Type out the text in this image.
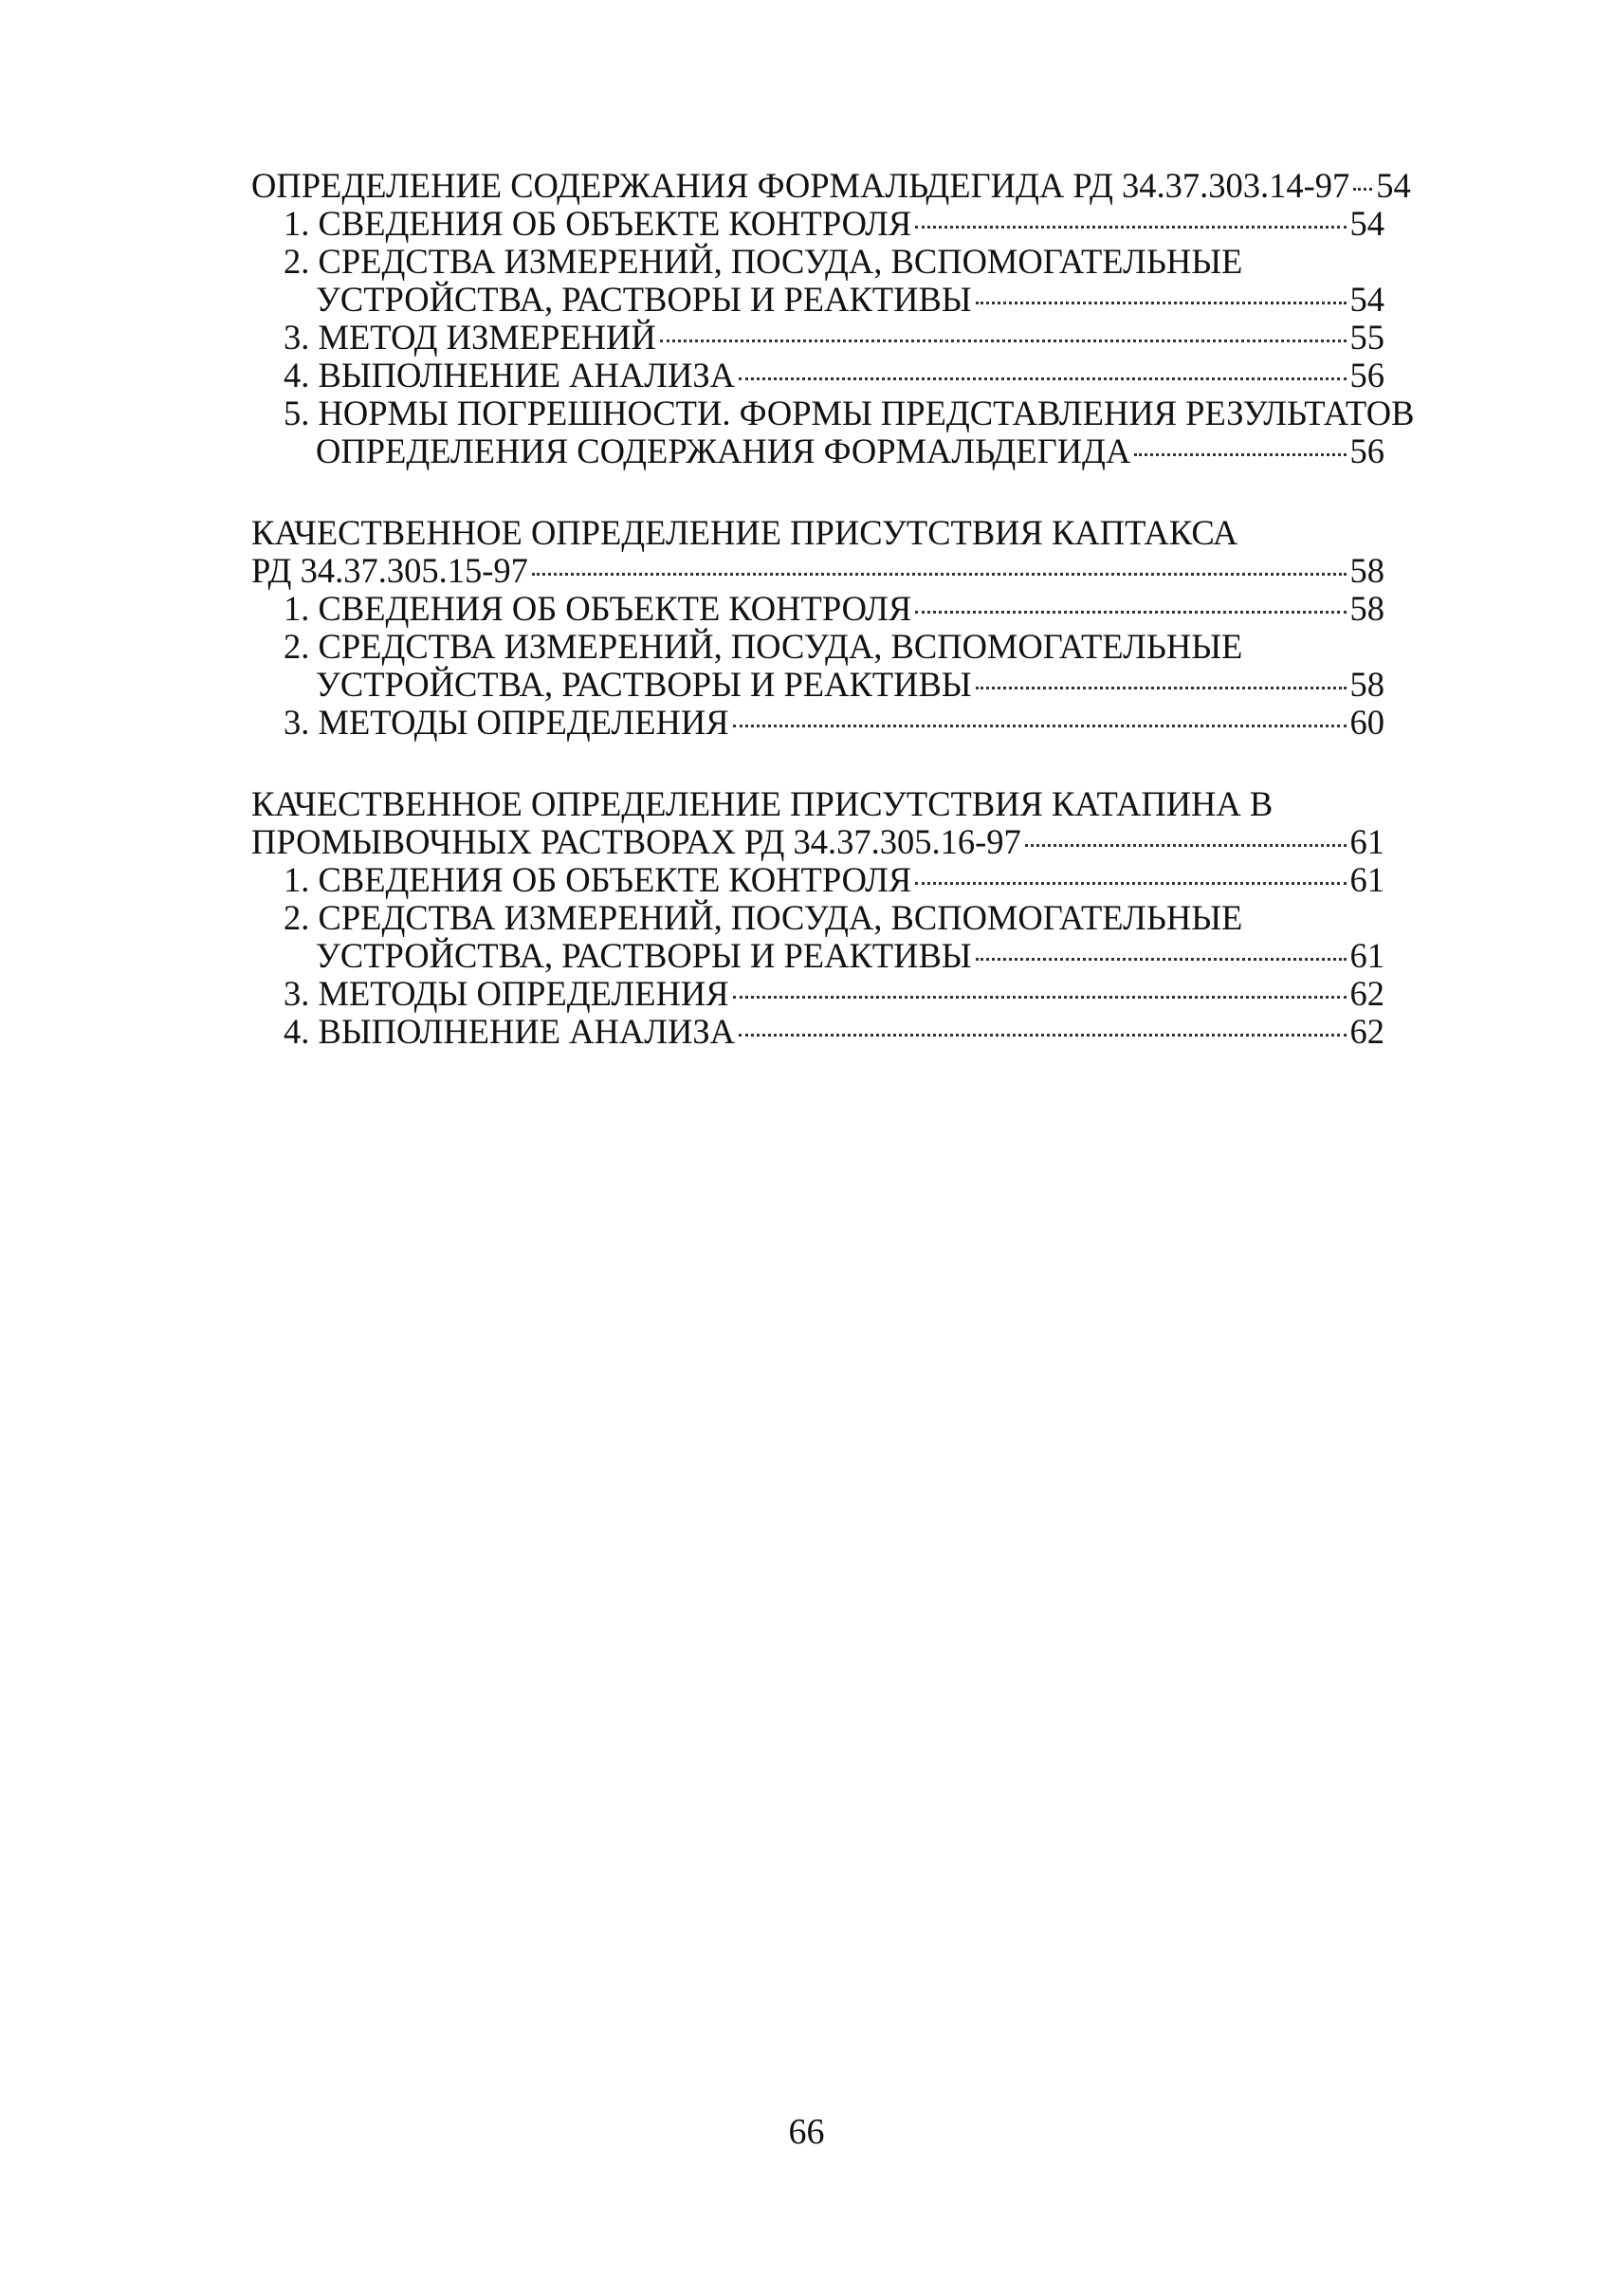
ОПРЕДЕЛЕНИЕ СОДЕРЖАНИЯ ФОРМАЛЬДЕГИДА РД 34.37.303.14-97 54
1. СВЕДЕНИЯ ОБ ОБЪЕКТЕ КОНТРОЛЯ	54
2. СРЕДСТВА ИЗМЕРЕНИЙ, ПОСУДА, ВСПОМОГАТЕЛЬНЫЕ
УСТРОЙСТВА, РАСТВОРЫ И РЕАКТИВЫ	54
3. МЕТОД ИЗМЕРЕНИЙ	55
4. ВЫПОЛНЕНИЕ АНАЛИЗА	56
5. НОРМЫ ПОГРЕШНОСТИ. ФОРМЫ ПРЕДСТАВЛЕНИЯ РЕЗУЛЬТАТОВ
ОПРЕДЕЛЕНИЯ СОДЕРЖАНИЯ ФОРМАЛЬДЕГИДА	56
КАЧЕСТВЕННОЕ ОПРЕДЕЛЕНИЕ ПРИСУТСТВИЯ КАПТАКСА
РД 34.37.305.15-97	58
1. СВЕДЕНИЯ ОБ ОБЪЕКТЕ КОНТРОЛЯ	58
2. СРЕДСТВА ИЗМЕРЕНИЙ, ПОСУДА, ВСПОМОГАТЕЛЬНЫЕ
УСТРОЙСТВА, РАСТВОРЫ И РЕАКТИВЫ	58
3. МЕТОДЫ ОПРЕДЕЛЕНИЯ	60
КАЧЕСТВЕННОЕ ОПРЕДЕЛЕНИЕ ПРИСУТСТВИЯ КАТАПИНА В
ПРОМЫВОЧНЫХ РАСТВОРАХ РД 34.37.305.16-97	61
1. СВЕДЕНИЯ ОБ ОБЪЕКТЕ КОНТРОЛЯ	61
2. СРЕДСТВА ИЗМЕРЕНИЙ, ПОСУДА, ВСПОМОГАТЕЛЬНЫЕ
УСТРОЙСТВА, РАСТВОРЫ И РЕАКТИВЫ	61
3. МЕТОДЫ ОПРЕДЕЛЕНИЯ	62
4. ВЫПОЛНЕНИЕ АНАЛИЗА	62
66
